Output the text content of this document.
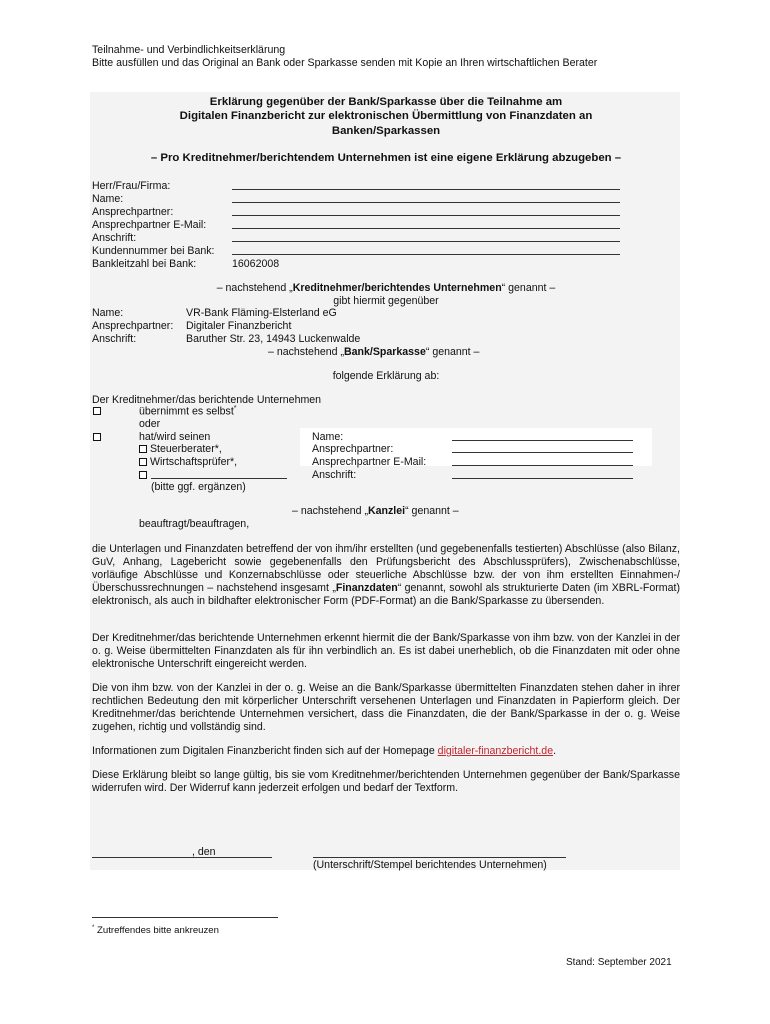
Teilnahme- und Verbindlichkeitserklärung
Bitte ausfüllen und das Original an Bank oder Sparkasse senden mit Kopie an Ihren wirtschaftlichen Berater
Erklärung gegenüber der Bank/Sparkasse über die Teilnahme am
Digitalen Finanzbericht zur elektronischen Übermittlung von Finanzdaten an
Banken/Sparkassen
– Pro Kreditnehmer/berichtendem Unternehmen ist eine eigene Erklärung abzugeben –
Herr/Frau/Firma:
Name:
Ansprechpartner:
Ansprechpartner E-Mail:
Anschrift:
Kundennummer bei Bank:
Bankleitzahl bei Bank:	16062008
– nachstehend „Kreditnehmer/berichtendes Unternehmen“ genannt –
gibt hiermit gegenüber
Name:	VR-Bank Fläming-Elsterland eG
Ansprechpartner: Digitaler Finanzbericht
Anschrift:	Baruther Str. 23, 14943 Luckenwalde
– nachstehend „Bank/Sparkasse“ genannt –
folgende Erklärung ab:
Der Kreditnehmer/das berichtende Unternehmen
übernimmt es selbst*
oder
hat/wird seinen
Steuerberater*,
Wirtschaftsprüfer*,
(bitte ggf. ergänzen)
Name:
Ansprechpartner:
Ansprechpartner E-Mail:
Anschrift:
– nachstehend „Kanzlei“ genannt –
beauftragt/beauftragen,
die Unterlagen und Finanzdaten betreffend der von ihm/ihr erstellten (und gegebenenfalls testierten) Abschlüsse (also Bilanz, GuV, Anhang, Lagebericht sowie gegebenenfalls den Prüfungsbericht des Abschlussprüfers), Zwischenabschlüsse, vorläufige Abschlüsse und Konzernabschlüsse oder steuerliche Abschlüsse bzw. der von ihm erstellten Einnahmen-/Überschussrechnungen – nachstehend insgesamt „Finanzdaten“ genannt, sowohl als strukturierte Daten (im XBRL-Format) elektronisch, als auch in bildhafter elektronischer Form (PDF-Format) an die Bank/Sparkasse zu übersenden.
Der Kreditnehmer/das berichtende Unternehmen erkennt hiermit die der Bank/Sparkasse von ihm bzw. von der Kanzlei in der o. g. Weise übermittelten Finanzdaten als für ihn verbindlich an. Es ist dabei unerheblich, ob die Finanzdaten mit oder ohne elektronische Unterschrift eingereicht werden.
Die von ihm bzw. von der Kanzlei in der o. g. Weise an die Bank/Sparkasse übermittelten Finanzdaten stehen daher in ihrer rechtlichen Bedeutung den mit körperlicher Unterschrift versehenen Unterlagen und Finanzdaten in Papierform gleich. Der Kreditnehmer/das berichtende Unternehmen versichert, dass die Finanzdaten, die der Bank/Sparkasse in der o. g. Weise zugehen, richtig und vollständig sind.
Informationen zum Digitalen Finanzbericht finden sich auf der Homepage digitaler-finanzbericht.de.
Diese Erklärung bleibt so lange gültig, bis sie vom Kreditnehmer/berichtenden Unternehmen gegenüber der Bank/Sparkasse widerrufen wird. Der Widerruf kann jederzeit erfolgen und bedarf der Textform.
, den
(Unterschrift/Stempel berichtendes Unternehmen)
* Zutreffendes bitte ankreuzen
Stand: September 2021
